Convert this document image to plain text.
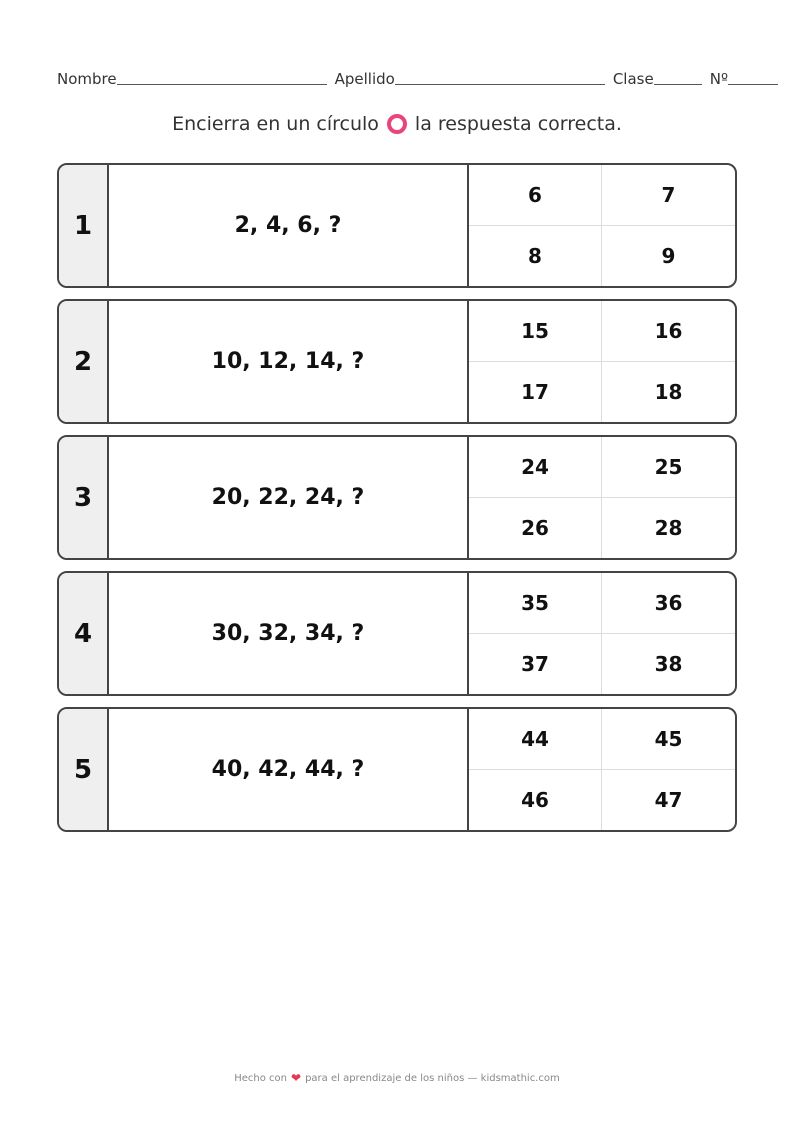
Nombre	Apellido	Clase	Nº
Encierra en un círculo la respuesta correcta.
1	2, 4, 6, ?
6	7
8	9
2	10, 12, 14, ?
15	16
17	18
3	20, 22, 24, ?
24	25
26	28
4	30, 32, 34, ?
35	36
37	38
5	40, 42, 44, ?
44	45
46	47
Hecho con ❤ para el aprendizaje de los niños — kidsmathic.com
